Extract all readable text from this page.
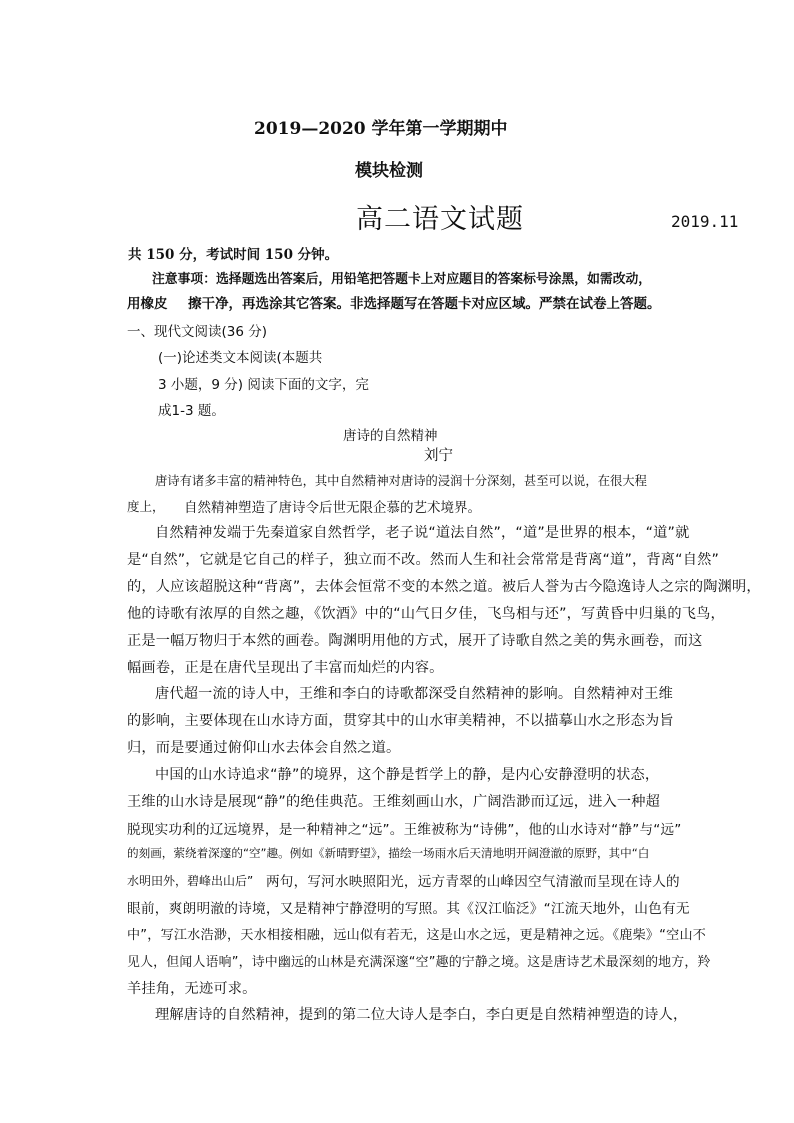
2019—2020 学年第一学期期中
模块检测
高二语文试题	2019.11
共 150 分，考试时间 150 分钟。
注意事项：选择题选出答案后，用铅笔把答题卡上对应题目的答案标号涂黑，如需改动，
用橡皮 擦干净，再选涂其它答案。非选择题写在答题卡对应区域。严禁在试卷上答题。
一、现代文阅读(36 分)
(一)论述类文本阅读(本题共
3 小题，9 分) 阅读下面的文字，完
成1-3 题。
唐诗的自然精神
刘宁
唐诗有诸多丰富的精神特色，其中自然精神对唐诗的浸润十分深刻，甚至可以说，在很大程
度上， 自然精神塑造了唐诗令后世无限企慕的艺术境界。
自然精神发端于先秦道家自然哲学，老子说“道法自然”，“道”是世界的根本，“道”就
是“自然”，它就是它自己的样子，独立而不改。然而人生和社会常常是背离“道”，背离“自然”
的，人应该超脱这种“背离”，去体会恒常不变的本然之道。被后人誉为古今隐逸诗人之宗的陶渊明，
他的诗歌有浓厚的自然之趣，《饮酒》中的“山气日夕佳，飞鸟相与还”，写黄昏中归巢的飞鸟，
正是一幅万物归于本然的画卷。陶渊明用他的方式，展开了诗歌自然之美的隽永画卷，而这
幅画卷，正是在唐代呈现出了丰富而灿烂的内容。
唐代超一流的诗人中，王维和李白的诗歌都深受自然精神的影响。自然精神对王维
的影响，主要体现在山水诗方面，贯穿其中的山水审美精神，不以描摹山水之形态为旨
归，而是要通过俯仰山水去体会自然之道。
中国的山水诗追求“静”的境界，这个静是哲学上的静，是内心安静澄明的状态，
王维的山水诗是展现“静”的绝佳典范。王维刻画山水，广阔浩渺而辽远，进入一种超
脱现实功利的辽远境界，是一种精神之“远”。王维被称为“诗佛”，他的山水诗对“静”与“远”
的刻画，萦绕着深邃的“空”趣。例如《新晴野望》，描绘一场雨水后天清地明开阔澄澈的原野，其中“白
水明田外，碧峰出山后” 两句，写河水映照阳光，远方青翠的山峰因空气清澈而呈现在诗人的
眼前，爽朗明澈的诗境，又是精神宁静澄明的写照。其《汉江临泛》“江流天地外，山色有无
中”，写江水浩渺，天水相接相融，远山似有若无，这是山水之远，更是精神之远。《鹿柴》“空山不
见人，但闻人语响”，诗中幽远的山林是充满深邃“空”趣的宁静之境。这是唐诗艺术最深刻的地方，羚
羊挂角，无迹可求。
理解唐诗的自然精神，提到的第二位大诗人是李白，李白更是自然精神塑造的诗人，
